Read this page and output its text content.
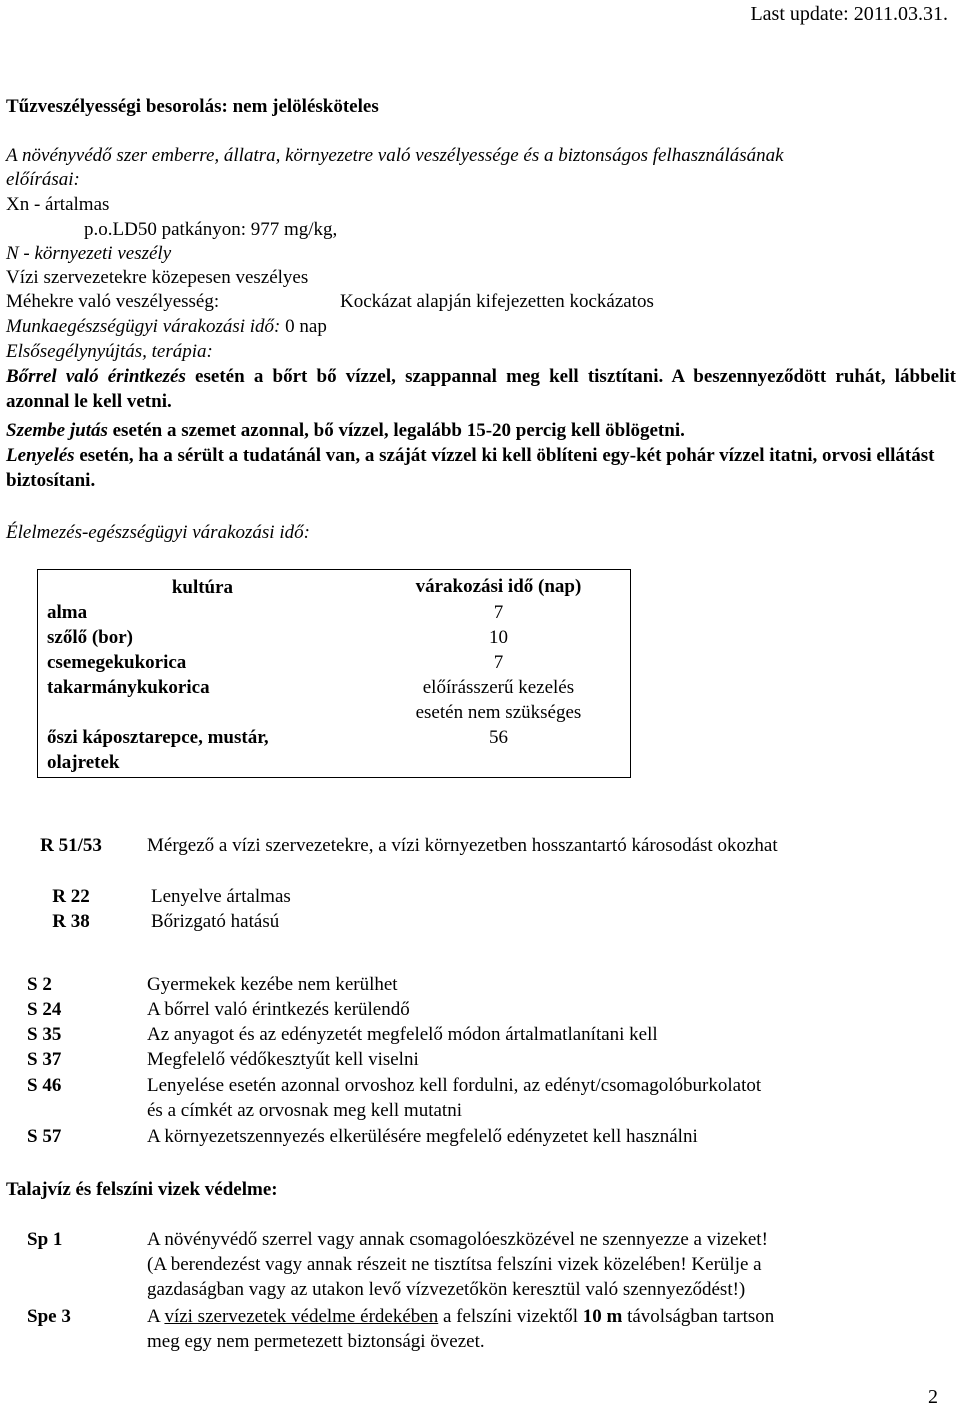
Last update: 2011.03.31.
Tűzveszélyességi besorolás: nem jelölésköteles
A növényvédő szer emberre, állatra, környezetre való veszélyessége és a biztonságos felhasználásának
előírásai:
Xn - ártalmas
p.o.LD50 patkányon: 977 mg/kg,
N - környezeti veszély
Vízi szervezetekre közepesen veszélyes
Méhekre való veszélyesség:	Kockázat alapján kifejezetten kockázatos
Munkaegészségügyi várakozási idő: 0 nap
Elsősegélynyújtás, terápia:
Bőrrel való érintkezés esetén a bőrt bő vízzel, szappannal meg kell tisztítani. A beszennyeződött ruhát, lábbelit azonnal le kell vetni.
Szembe jutás esetén a szemet azonnal, bő vízzel, legalább 15-20 percig kell öblögetni.
Lenyelés esetén, ha a sérült a tudatánál van, a száját vízzel ki kell öblíteni egy-két pohár vízzel itatni, orvosi ellátást biztosítani.
Élelmezés-egészségügyi várakozási idő:
kultúra	várakozási idő (nap)
alma	7
szőlő (bor)	10
csemegekukorica	7
takarmánykukorica	előírásszerű kezelés esetén nem szükséges
őszi káposztarepce, mustár, olajretek	56
R 51/53	Mérgező a vízi szervezetekre, a vízi környezetben hosszantartó károsodást okozhat
R 22	Lenyelve ártalmas
R 38	Bőrizgató hatású
S 2	Gyermekek kezébe nem kerülhet
S 24	A bőrrel való érintkezés kerülendő
S 35	Az anyagot és az edényzetét megfelelő módon ártalmatlanítani kell
S 37	Megfelelő védőkesztyűt kell viselni
S 46	Lenyelése esetén azonnal orvoshoz kell fordulni, az edényt/csomagolóburkolatot
és a címkét az orvosnak meg kell mutatni
S 57	A környezetszennyezés elkerülésére megfelelő edényzetet kell használni
Talajvíz és felszíni vizek védelme:
Sp 1	A növényvédő szerrel vagy annak csomagolóeszközével ne szennyezze a vizeket!
(A berendezést vagy annak részeit ne tisztítsa felszíni vizek közelében! Kerülje a
gazdaságban vagy az utakon levő vízvezetőkön keresztül való szennyeződést!)
Spe 3	A vízi szervezetek védelme érdekében a felszíni vizektől 10 m távolságban tartson
meg egy nem permetezett biztonsági övezet.
2
